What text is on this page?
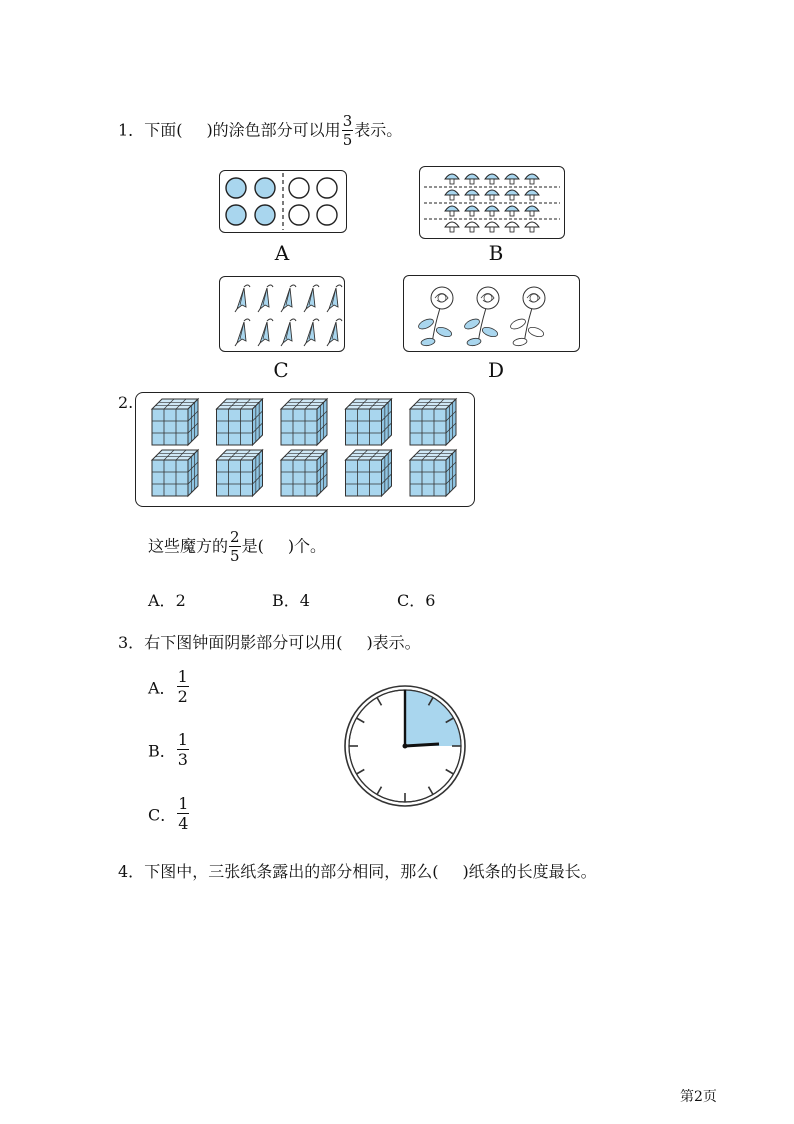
1．下面( )的涂色部分可以用 $\frac{3}{5}$ 表示。
A	B
C	D
2.
这些魔方的 $\frac{2}{5}$ 是( )个。
A．2	B．4	C．6
3．右下图钟面阴影部分可以用( )表示。
A． $\frac{1}{2}$
B． $\frac{1}{3}$
C． $\frac{1}{4}$
4．下图中，三张纸条露出的部分相同，那么( )纸条的长度最长。
第2页
